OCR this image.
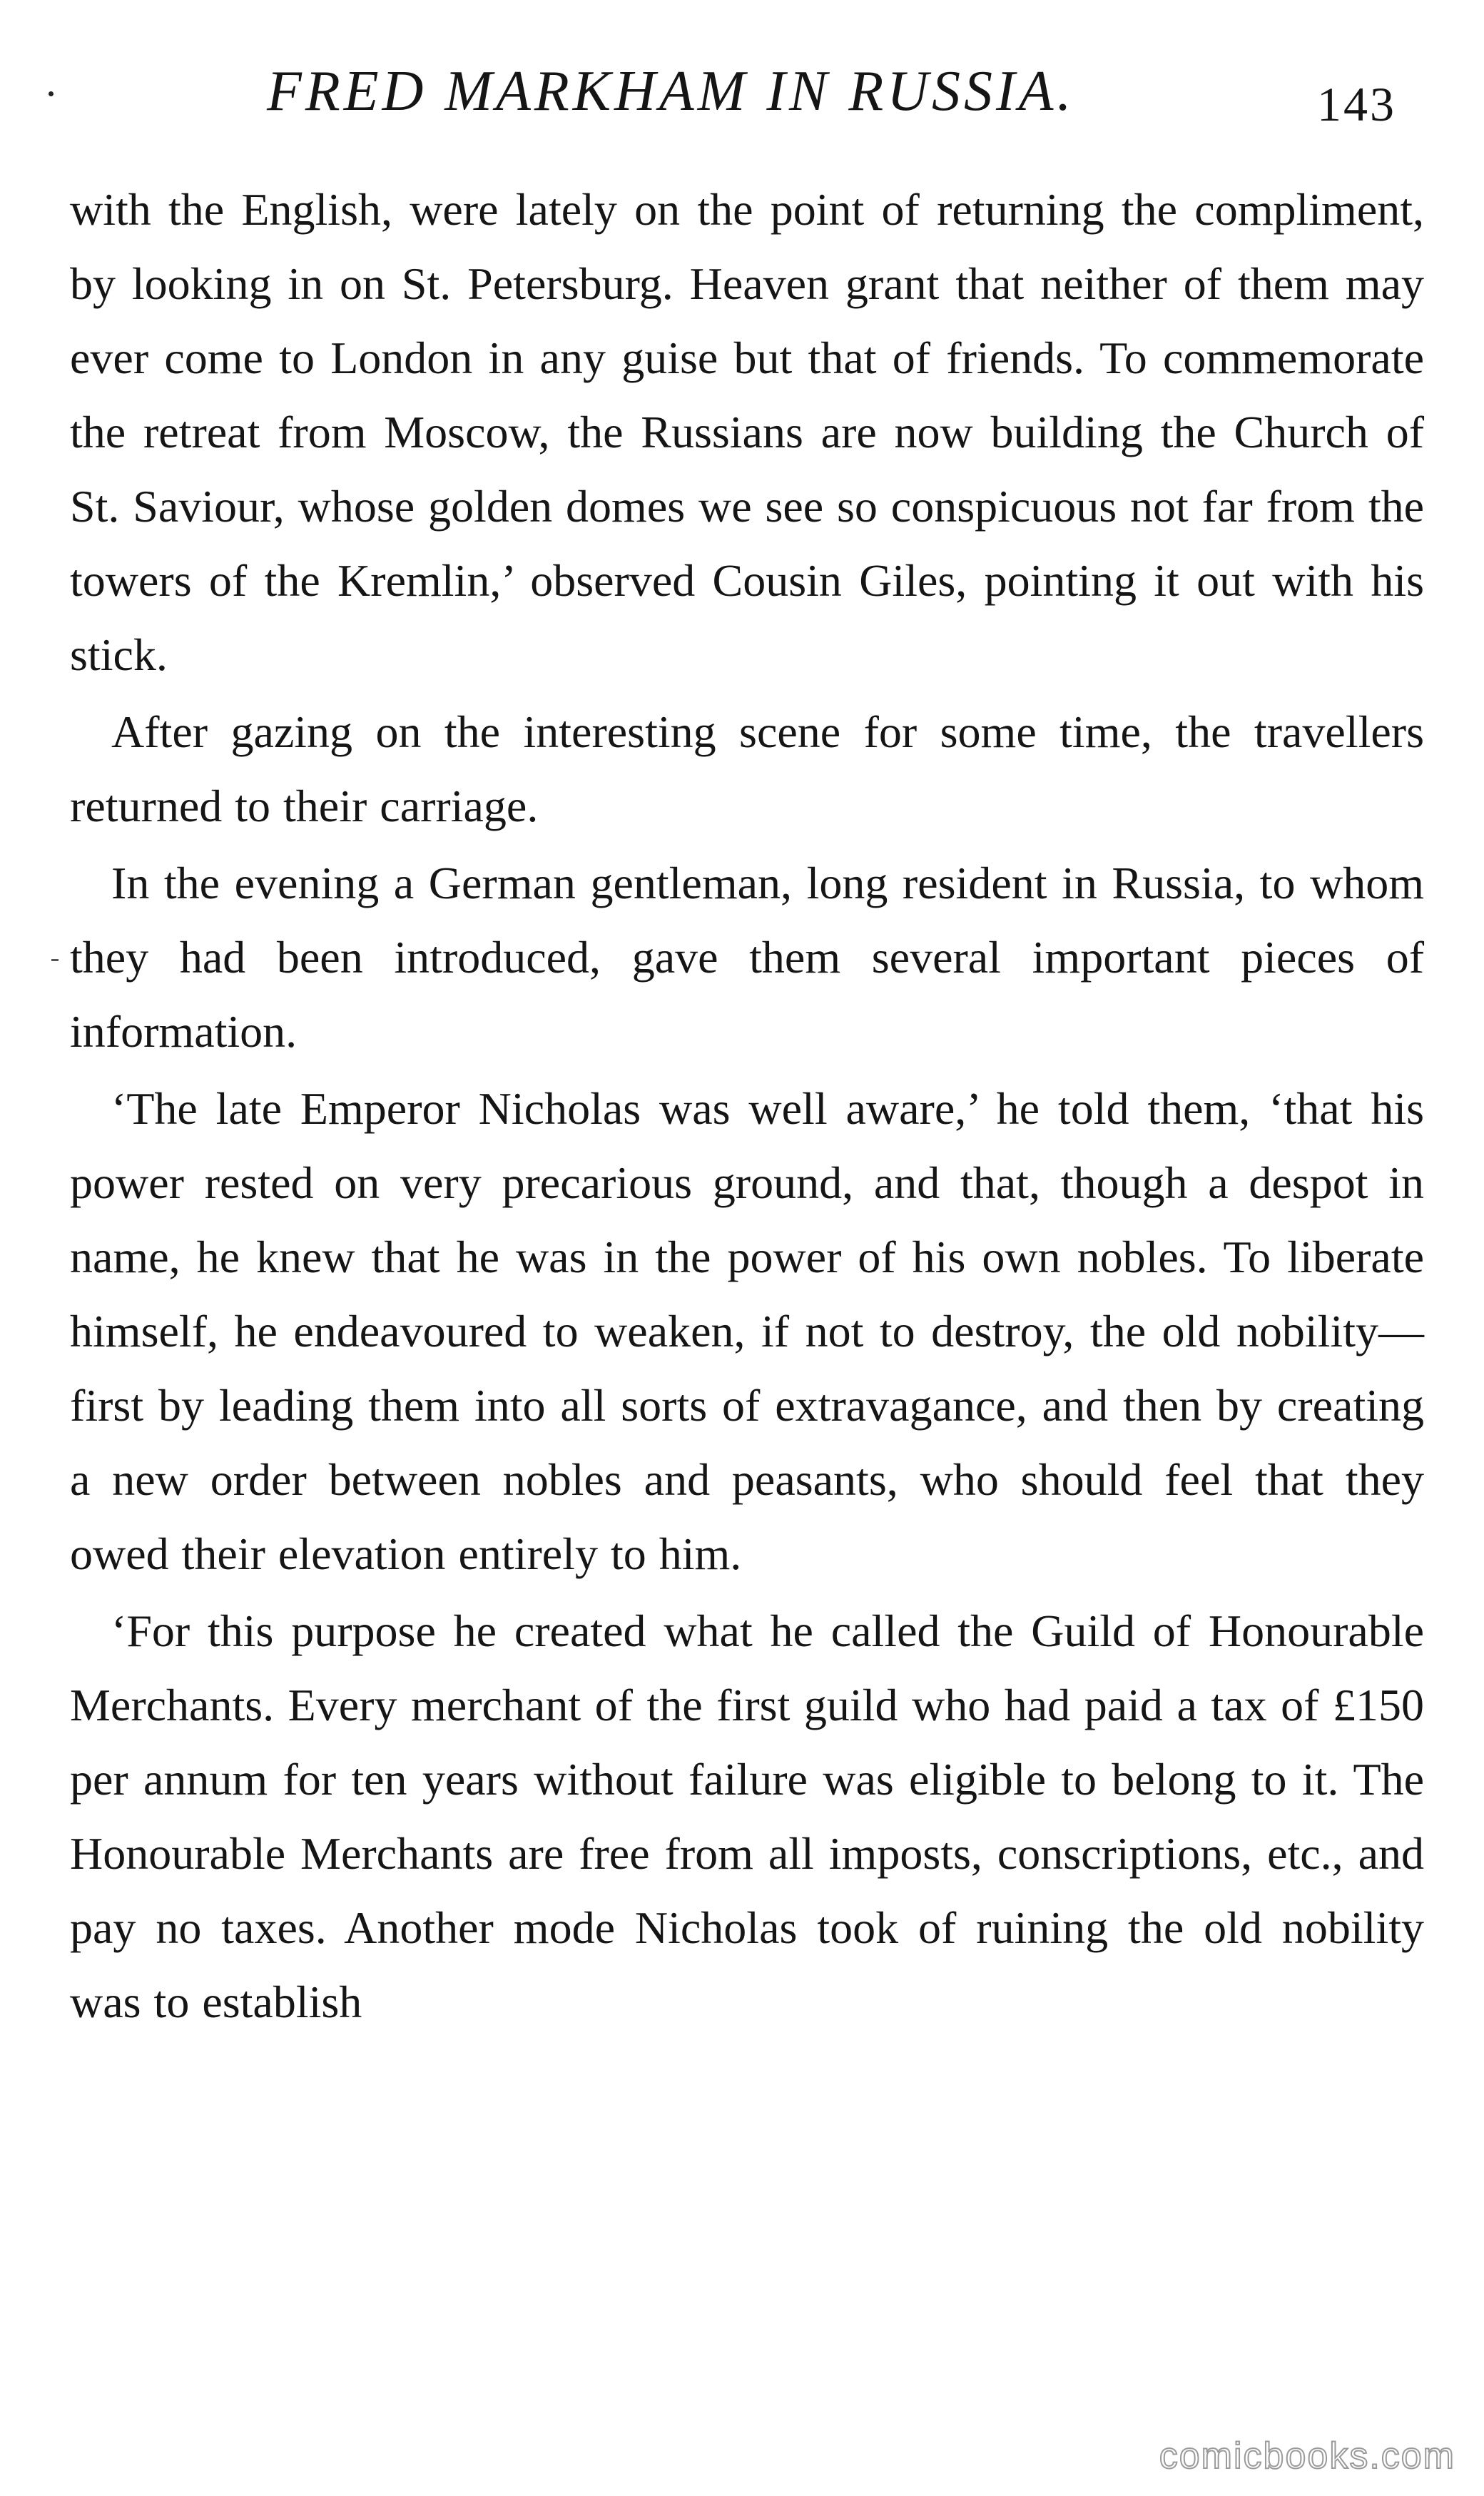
FRED MARKHAM IN RUSSIA.	143

with the English, were lately on the point of returning the compliment, by looking in on St. Petersburg. Heaven grant that neither of them may ever come to London in any guise but that of friends. To commemorate the retreat from Moscow, the Russians are now building the Church of St. Saviour, whose golden domes we see so conspicuous not far from the towers of the Kremlin,’ observed Cousin Giles, pointing it out with his stick.

After gazing on the interesting scene for some time, the travellers returned to their carriage.

In the evening a German gentleman, long resident in Russia, to whom they had been introduced, gave them several important pieces of information.

‘The late Emperor Nicholas was well aware,’ he told them, ‘that his power rested on very precarious ground, and that, though a despot in name, he knew that he was in the power of his own nobles. To liberate himself, he endeavoured to weaken, if not to destroy, the old nobility—first by leading them into all sorts of extravagance, and then by creating a new order between nobles and peasants, who should feel that they owed their elevation entirely to him.

‘For this purpose he created what he called the Guild of Honourable Merchants. Every merchant of the first guild who had paid a tax of £150 per annum for ten years without failure was eligible to belong to it. The Honourable Merchants are free from all imposts, conscriptions, etc., and pay no taxes. Another mode Nicholas took of ruining the old nobility was to establish

comicbooks.com
